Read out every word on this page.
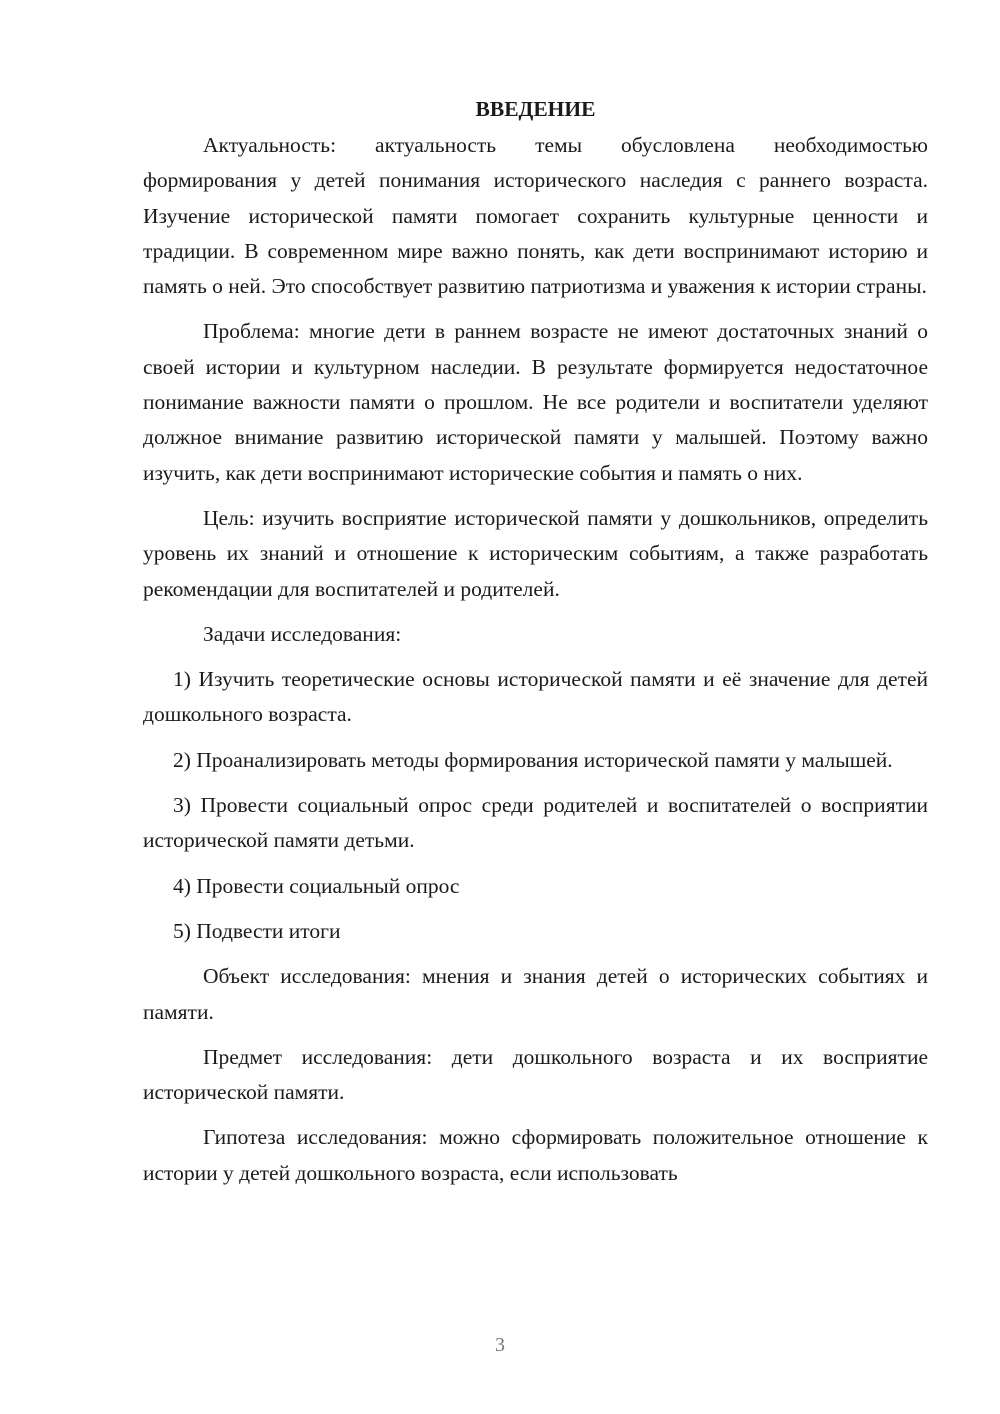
ВВЕДЕНИЕ

Актуальность: актуальность темы обусловлена необходимостью формирования у детей понимания исторического наследия с раннего возраста. Изучение исторической памяти помогает сохранить культурные ценности и традиции. В современном мире важно понять, как дети воспринимают историю и память о ней. Это способствует развитию патриотизма и уважения к истории страны.

Проблема: многие дети в раннем возрасте не имеют достаточных знаний о своей истории и культурном наследии. В результате формируется недостаточное понимание важности памяти о прошлом. Не все родители и воспитатели уделяют должное внимание развитию исторической памяти у малышей. Поэтому важно изучить, как дети воспринимают исторические события и память о них.

Цель: изучить восприятие исторической памяти у дошкольников, определить уровень их знаний и отношение к историческим событиям, а также разработать рекомендации для воспитателей и родителей.

Задачи исследования:

1) Изучить теоретические основы исторической памяти и её значение для детей дошкольного возраста.

2) Проанализировать методы формирования исторической памяти у малышей.

3) Провести социальный опрос среди родителей и воспитателей о восприятии исторической памяти детьми.

4) Провести социальный опрос

5) Подвести итоги

Объект исследования: мнения и знания детей о исторических событиях и памяти.

Предмет исследования: дети дошкольного возраста и их восприятие исторической памяти.

Гипотеза исследования: можно сформировать положительное отношение к истории у детей дошкольного возраста, если использовать

3
